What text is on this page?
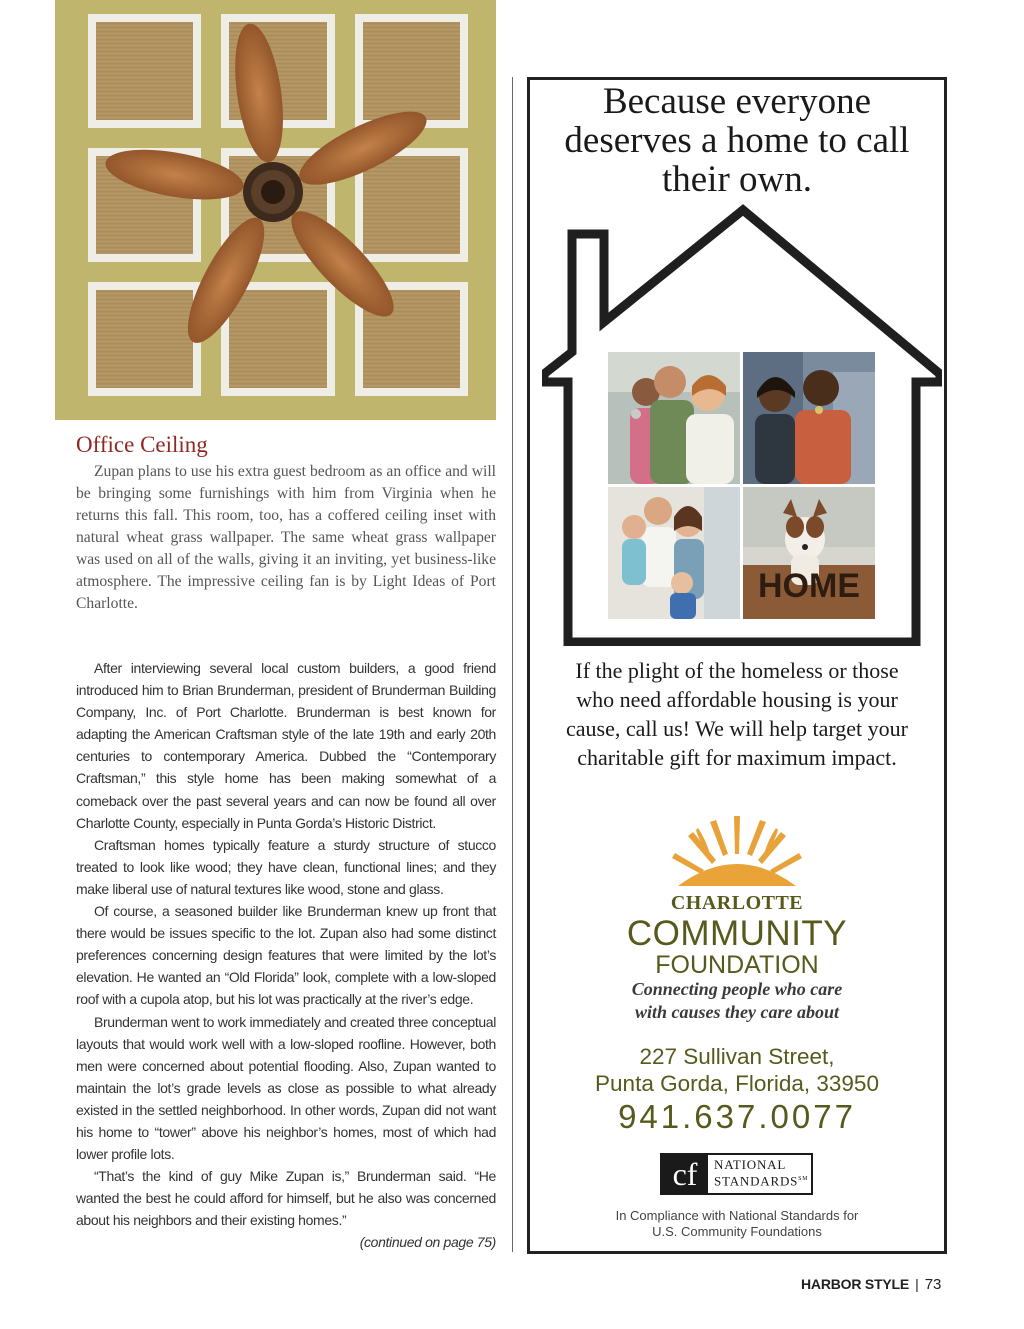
Office Ceiling

Zupan plans to use his extra guest bedroom as an office and will be bringing some furnishings with him from Virginia when he returns this fall. This room, too, has a coffered ceiling inset with natural wheat grass wallpaper. The same wheat grass wallpaper was used on all of the walls, giving it an inviting, yet business-like atmosphere. The impressive ceiling fan is by Light Ideas of Port Charlotte.

After interviewing several local custom builders, a good friend introduced him to Brian Brunderman, president of Brunderman Building Company, Inc. of Port Charlotte. Brunderman is best known for adapting the American Craftsman style of the late 19th and early 20th centuries to contemporary America. Dubbed the “Contemporary Craftsman,” this style home has been making somewhat of a comeback over the past several years and can now be found all over Charlotte County, especially in Punta Gorda’s Historic District.

Craftsman homes typically feature a sturdy structure of stucco treated to look like wood; they have clean, functional lines; and they make liberal use of natural textures like wood, stone and glass.

Of course, a seasoned builder like Brunderman knew up front that there would be issues specific to the lot. Zupan also had some distinct preferences concerning design features that were limited by the lot’s elevation. He wanted an “Old Florida” look, complete with a low-sloped roof with a cupola atop, but his lot was practically at the river’s edge.

Brunderman went to work immediately and created three conceptual layouts that would work well with a low-sloped roofline. However, both men were concerned about potential flooding. Also, Zupan wanted to maintain the lot’s grade levels as close as possible to what already existed in the settled neighborhood. In other words, Zupan did not want his home to “tower” above his neighbor’s homes, most of which had lower profile lots.

“That’s the kind of guy Mike Zupan is,” Brunderman said. “He wanted the best he could afford for himself, but he also was concerned about his neighbors and their existing homes.”
(continued on page 75)

Because everyone
deserves a home to call
their own.
HOME
If the plight of the homeless or those
who need affordable housing is your
cause, call us! We will help target your
charitable gift for maximum impact.
CHARLOTTE
COMMUNITY
FOUNDATION
Connecting people who care
with causes they care about
227 Sullivan Street,
Punta Gorda, Florida, 33950
941.637.0077
cf	NATIONAL
STANDARDS℠
In Compliance with National Standards for
U.S. Community Foundations
HARBOR STYLE | 73
